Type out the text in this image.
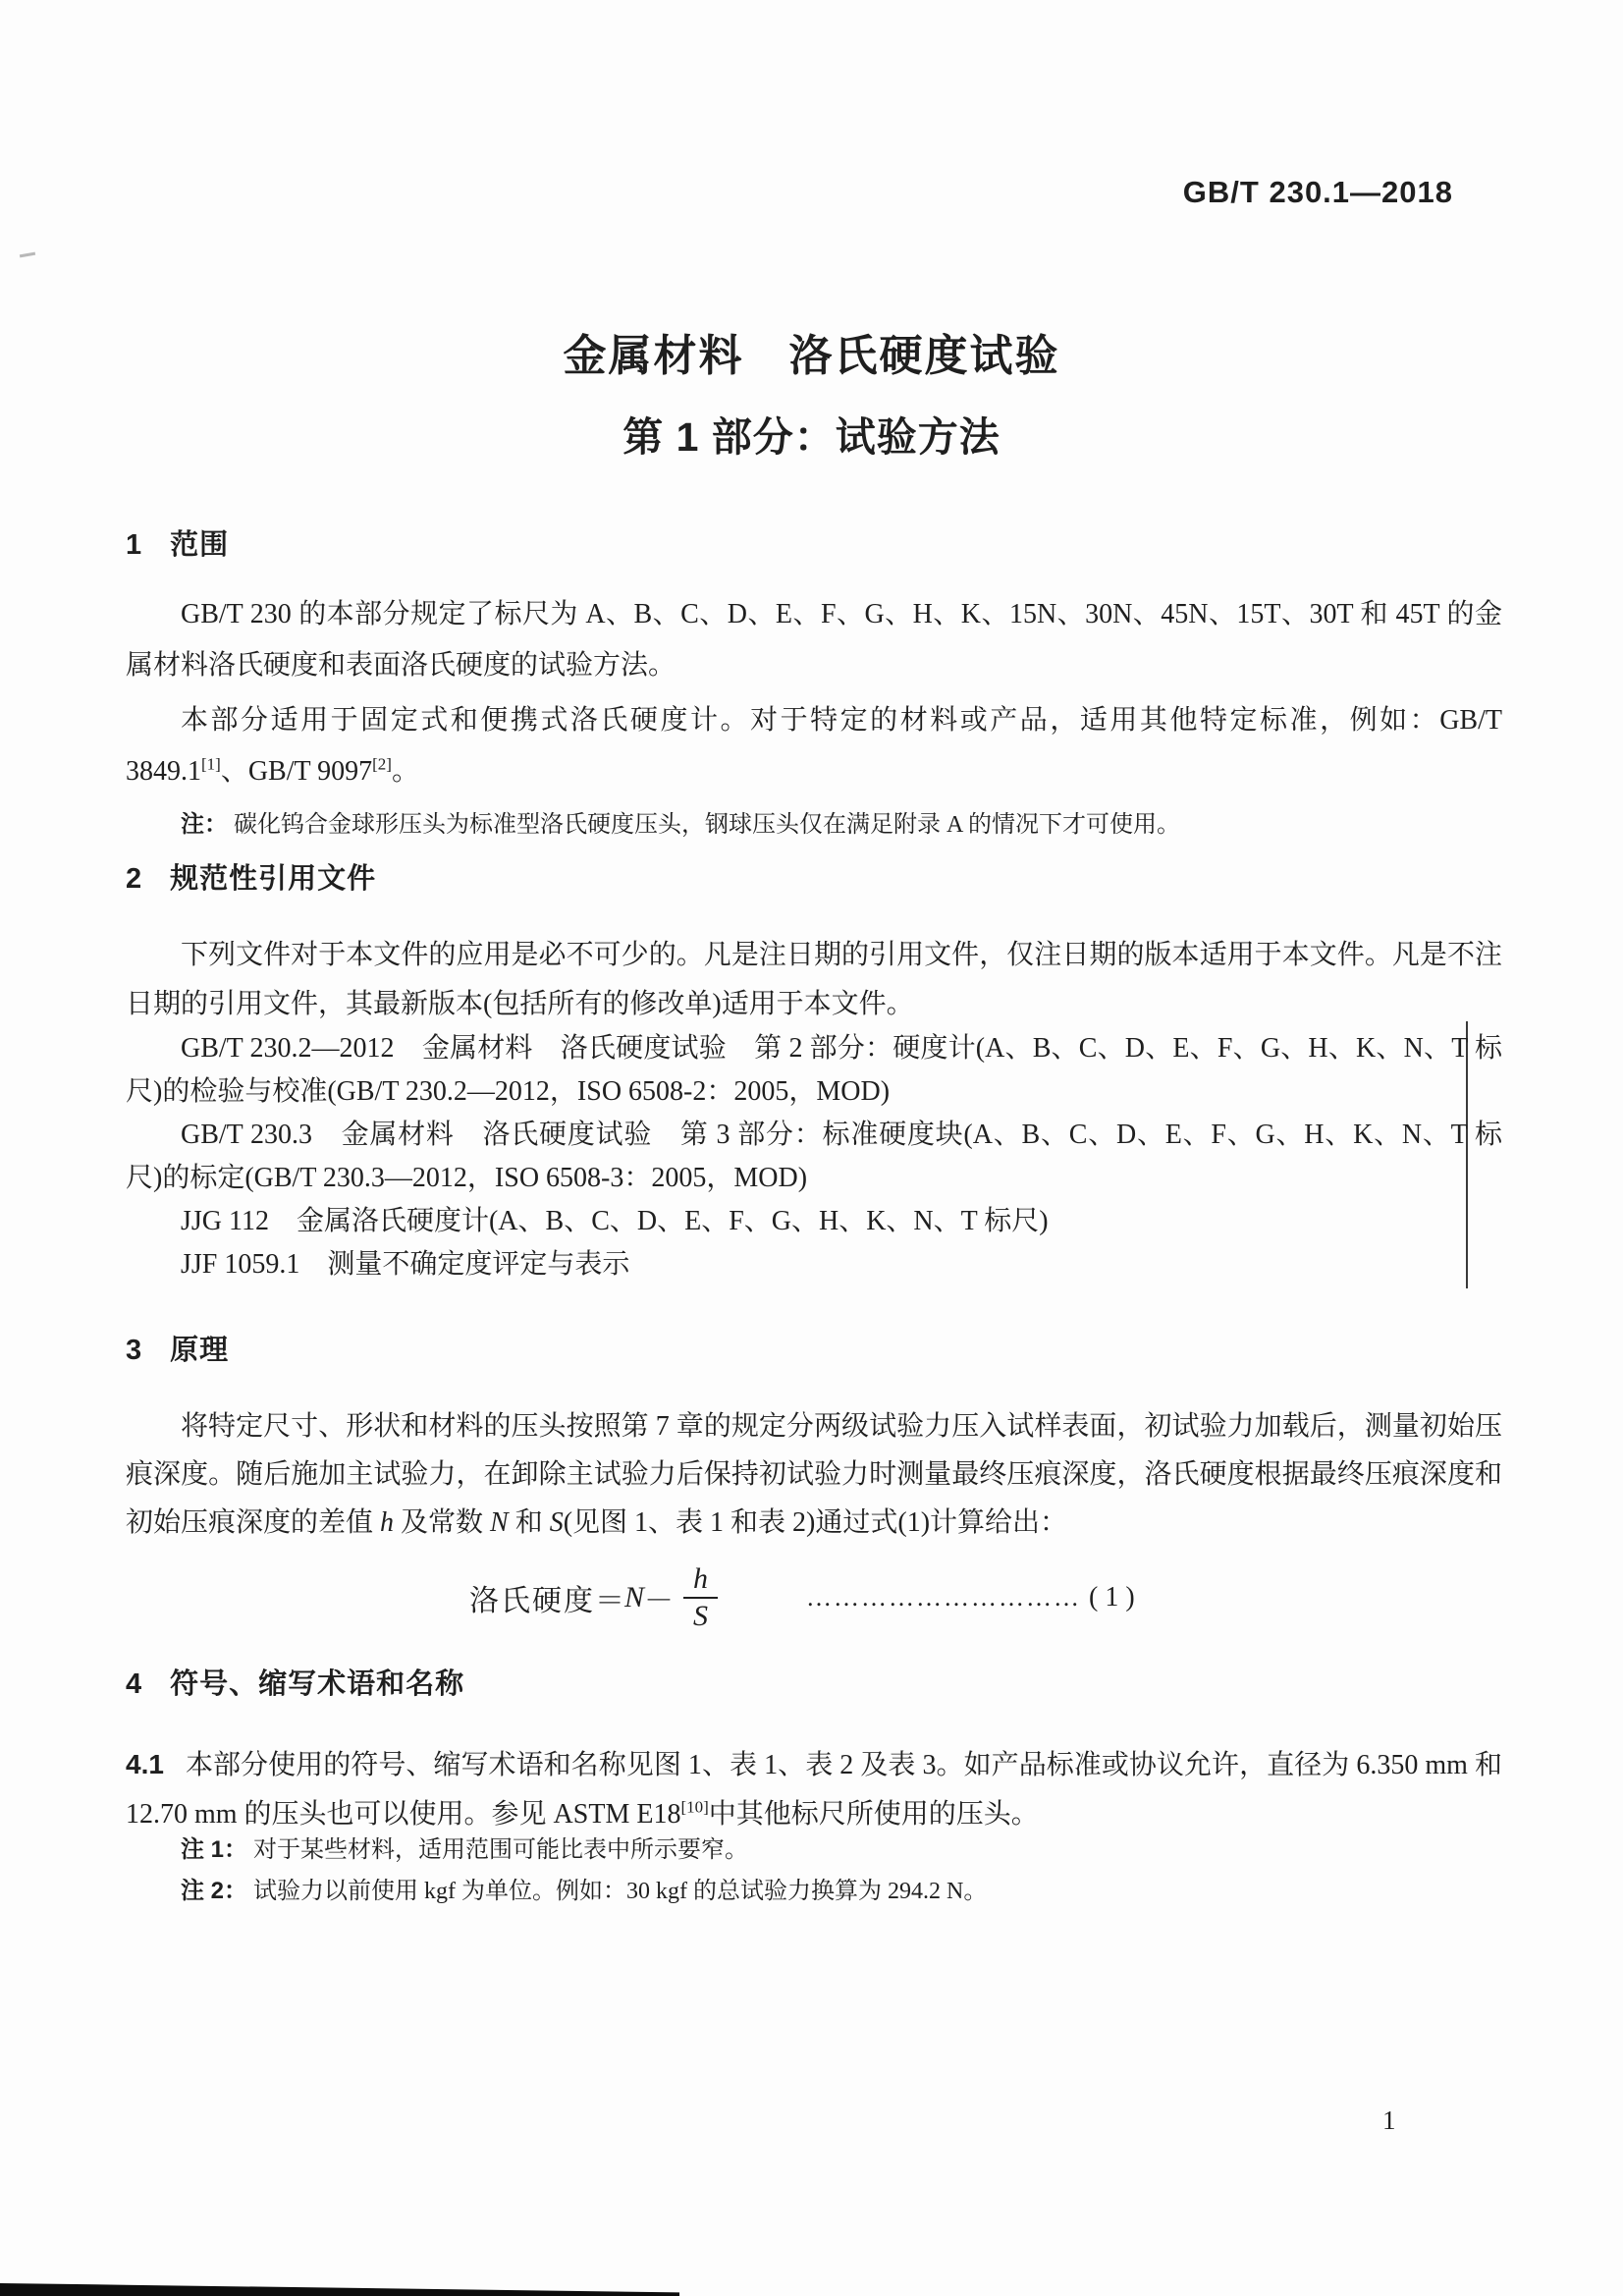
GB/T 230.1—2018
金属材料　洛氏硬度试验
第 1 部分：试验方法
1 范围
GB/T 230 的本部分规定了标尺为 A、B、C、D、E、F、G、H、K、15N、30N、45N、15T、30T 和 45T 的金属材料洛氏硬度和表面洛氏硬度的试验方法。
本部分适用于固定式和便携式洛氏硬度计。对于特定的材料或产品，适用其他特定标准，例如：GB/T 3849.1[1]、GB/T 9097[2]。
注： 碳化钨合金球形压头为标准型洛氏硬度压头，钢球压头仅在满足附录 A 的情况下才可使用。
2 规范性引用文件
下列文件对于本文件的应用是必不可少的。凡是注日期的引用文件，仅注日期的版本适用于本文件。凡是不注日期的引用文件，其最新版本(包括所有的修改单)适用于本文件。

GB/T 230.2—2012　金属材料　洛氏硬度试验　第 2 部分：硬度计(A、B、C、D、E、F、G、H、K、N、T 标尺)的检验与校准(GB/T 230.2—2012，ISO 6508-2：2005，MOD)

GB/T 230.3　金属材料　洛氏硬度试验　第 3 部分：标准硬度块(A、B、C、D、E、F、G、H、K、N、T 标尺)的标定(GB/T 230.3—2012，ISO 6508-3：2005，MOD)

JJG 112　金属洛氏硬度计(A、B、C、D、E、F、G、H、K、N、T 标尺)

JJF 1059.1　测量不确定度评定与表示

3 原理
将特定尺寸、形状和材料的压头按照第 7 章的规定分两级试验力压入试样表面，初试验力加载后，测量初始压痕深度。随后施加主试验力，在卸除主试验力后保持初试验力时测量最终压痕深度，洛氏硬度根据最终压痕深度和初始压痕深度的差值 h 及常数 N 和 S(见图 1、表 1 和表 2)通过式(1)计算给出：
洛氏硬度 ＝ $N - \frac{h}{S}$	………………………… ( 1 )
4 符号、缩写术语和名称
4.1 本部分使用的符号、缩写术语和名称见图 1、表 1、表 2 及表 3。如产品标准或协议允许，直径为 6.350 mm 和 12.70 mm 的压头也可以使用。参见 ASTM E18[10]中其他标尺所使用的压头。
注 1： 对于某些材料，适用范围可能比表中所示要窄。
注 2： 试验力以前使用 kgf 为单位。例如：30 kgf 的总试验力换算为 294.2 N。
1
